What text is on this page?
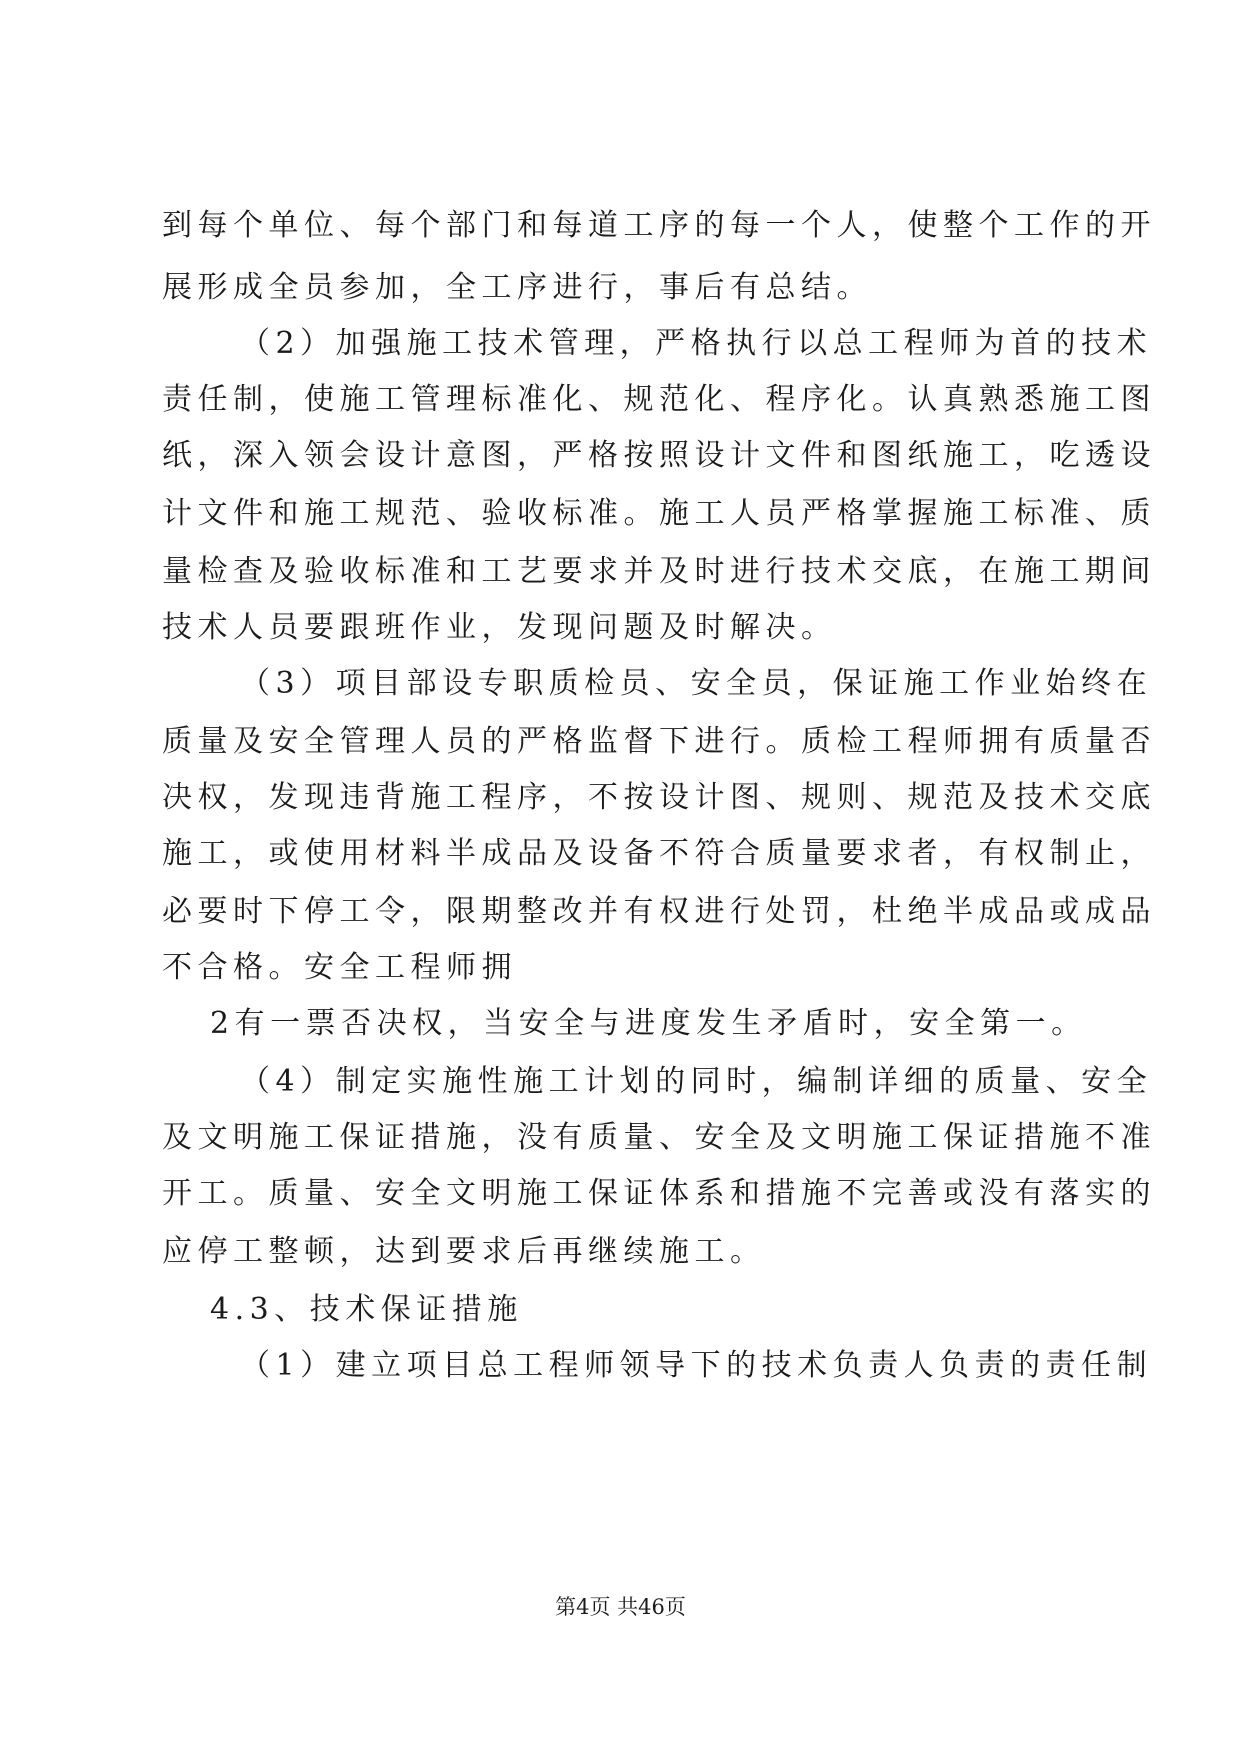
到每个单位、每个部门和每道工序的每一个人，使整个工作的开
展形成全员参加，全工序进行，事后有总结。
（2）加强施工技术管理，严格执行以总工程师为首的技术
责任制，使施工管理标准化、规范化、程序化。认真熟悉施工图
纸，深入领会设计意图，严格按照设计文件和图纸施工，吃透设
计文件和施工规范、验收标准。施工人员严格掌握施工标准、质
量检查及验收标准和工艺要求并及时进行技术交底，在施工期间
技术人员要跟班作业，发现问题及时解决。
（3）项目部设专职质检员、安全员，保证施工作业始终在
质量及安全管理人员的严格监督下进行。质检工程师拥有质量否
决权，发现违背施工程序，不按设计图、规则、规范及技术交底
施工，或使用材料半成品及设备不符合质量要求者，有权制止，
必要时下停工令，限期整改并有权进行处罚，杜绝半成品或成品
不合格。安全工程师拥
2有一票否决权，当安全与进度发生矛盾时，安全第一。
（4）制定实施性施工计划的同时，编制详细的质量、安全
及文明施工保证措施，没有质量、安全及文明施工保证措施不准
开工。质量、安全文明施工保证体系和措施不完善或没有落实的
应停工整顿，达到要求后再继续施工。
4.3、技术保证措施
（1）建立项目总工程师领导下的技术负责人负责的责任制
第4页 共46页
